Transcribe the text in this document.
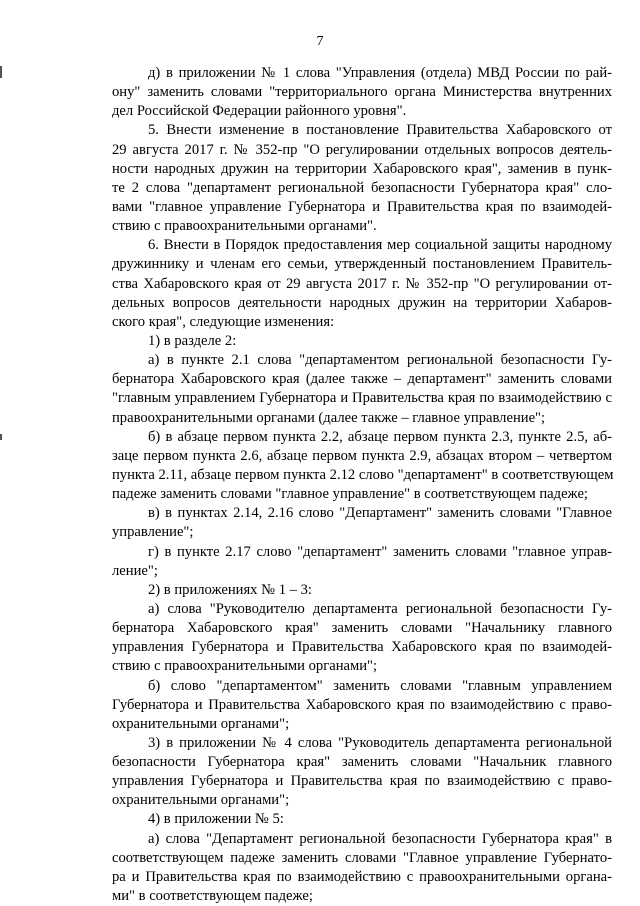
7
д) в приложении № 1 слова "Управления (отдела) МВД России по рай-
ону" заменить словами "территориального органа Министерства внутренних
дел Российской Федерации районного уровня".
5. Внести изменение в постановление Правительства Хабаровского от
29 августа 2017 г. № 352-пр "О регулировании отдельных вопросов деятель-
ности народных дружин на территории Хабаровского края", заменив в пунк-
те 2 слова "департамент региональной безопасности Губернатора края" сло-
вами "главное управление Губернатора и Правительства края по взаимодей-
ствию с правоохранительными органами".
6. Внести в Порядок предоставления мер социальной защиты народному
дружиннику и членам его семьи, утвержденный постановлением Правитель-
ства Хабаровского края от 29 августа 2017 г. № 352-пр "О регулировании от-
дельных вопросов деятельности народных дружин на территории Хабаров-
ского края", следующие изменения:
1) в разделе 2:
а) в пункте 2.1 слова "департаментом региональной безопасности Гу-
бернатора Хабаровского края (далее также – департамент" заменить словами
"главным управлением Губернатора и Правительства края по взаимодействию с
правоохранительными органами (далее также – главное управление";
б) в абзаце первом пункта 2.2, абзаце первом пункта 2.3, пункте 2.5, аб-
заце первом пункта 2.6, абзаце первом пункта 2.9, абзацах втором – четвертом
пункта 2.11, абзаце первом пункта 2.12 слово "департамент" в соответствующем
падеже заменить словами "главное управление" в соответствующем падеже;
в) в пунктах 2.14, 2.16 слово "Департамент" заменить словами "Главное
управление";
г) в пункте 2.17 слово "департамент" заменить словами "главное управ-
ление";
2) в приложениях № 1 – 3:
а) слова "Руководителю департамента региональной безопасности Гу-
бернатора Хабаровского края" заменить словами "Начальнику главного
управления Губернатора и Правительства Хабаровского края по взаимодей-
ствию с правоохранительными органами";
б) слово "департаментом" заменить словами "главным управлением
Губернатора и Правительства Хабаровского края по взаимодействию с право-
охранительными органами";
3) в приложении № 4 слова "Руководитель департамента региональной
безопасности Губернатора края" заменить словами "Начальник главного
управления Губернатора и Правительства края по взаимодействию с право-
охранительными органами";
4) в приложении № 5:
а) слова "Департамент региональной безопасности Губернатора края" в
соответствующем падеже заменить словами "Главное управление Губернато-
ра и Правительства края по взаимодействию с правоохранительными органа-
ми" в соответствующем падеже;
